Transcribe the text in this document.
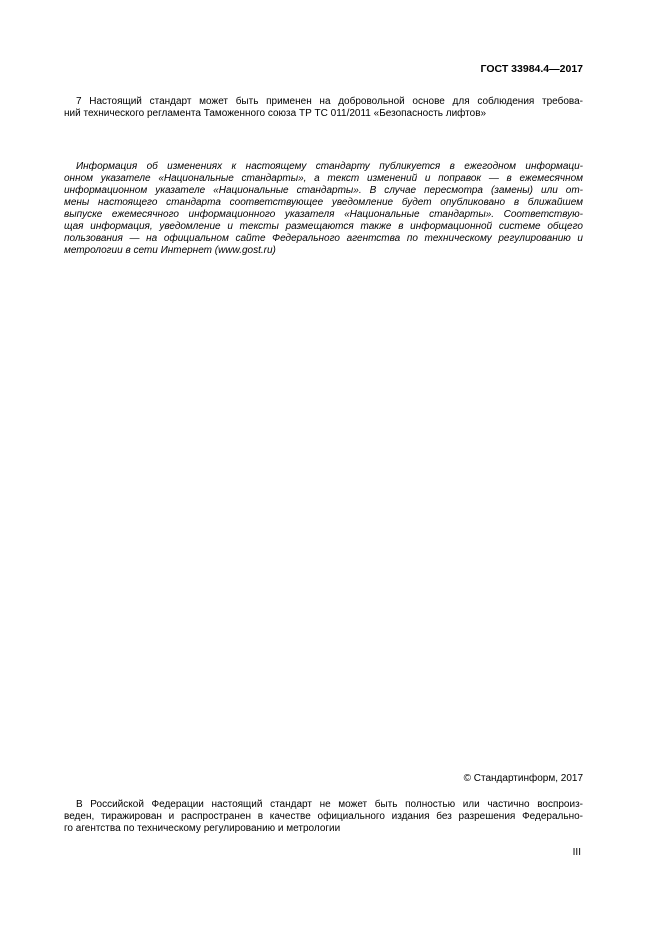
ГОСТ 33984.4—2017
7 Настоящий стандарт может быть применен на добровольной основе для соблюдения требова-
ний технического регламента Таможенного союза ТР ТС 011/2011 «Безопасность лифтов»
Информация об изменениях к настоящему стандарту публикуется в ежегодном информаци-
онном указателе «Национальные стандарты», а текст изменений и поправок — в ежемесячном
информационном указателе «Национальные стандарты». В случае пересмотра (замены) или от-
мены настоящего стандарта соответствующее уведомление будет опубликовано в ближайшем
выпуске ежемесячного информационного указателя «Национальные стандарты». Соответствую-
щая информация, уведомление и тексты размещаются также в информационной системе общего
пользования — на официальном сайте Федерального агентства по техническому регулированию и
метрологии в сети Интернет (www.gost.ru)
© Стандартинформ, 2017
В Российской Федерации настоящий стандарт не может быть полностью или частично воспроиз-
веден, тиражирован и распространен в качестве официального издания без разрешения Федерально-
го агентства по техническому регулированию и метрологии
III
